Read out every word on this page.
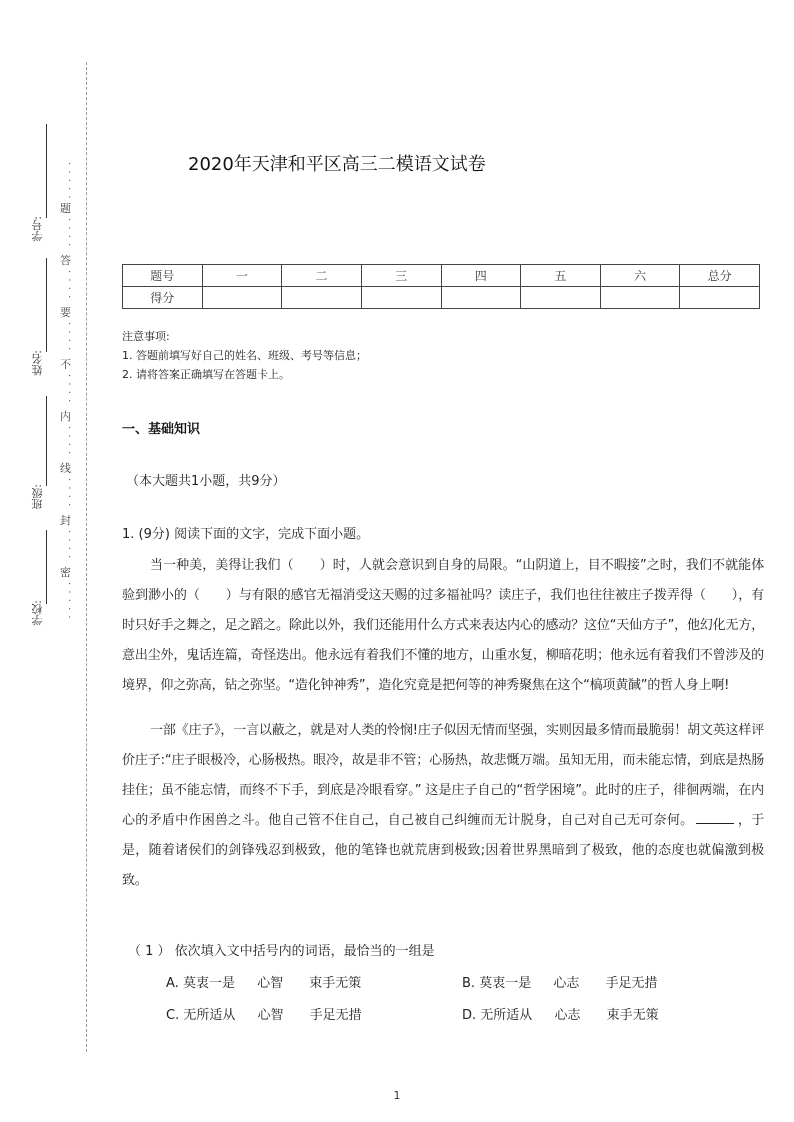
学号:
姓名:
班级:
学校:
· · · · ·
题
· · · ·
答
· · · ·
要
· · · ·
不
· · · ·
内
· · · ·
线
· · · ·
封
· · · ·
密
· · · · ·
2020年天津和平区高三二模语文试卷
题号	一	二	三	四	五	六	总分
得分							
注意事项:
1. 答题前填写好自己的姓名、班级、考号等信息；
2. 请将答案正确填写在答题卡上。
一、基础知识
（本大题共1小题，共9分）
1. (9分) 阅读下面的文字，完成下面小题。
当一种美，美得让我们（　　）时，人就会意识到自身的局限。“山阴道上，目不暇接”之时，我们不就能体验到渺小的（　　）与有限的感官无福消受这天赐的过多福祉吗？读庄子，我们也往往被庄子拨弄得（　　），有时只好手之舞之，足之蹈之。除此以外，我们还能用什么方式来表达内心的感动？这位“天仙方子”，他幻化无方，意出尘外，鬼话连篇，奇怪迭出。他永远有着我们不懂的地方，山重水复，柳暗花明；他永远有着我们不曾涉及的境界，仰之弥高，钻之弥坚。“造化钟神秀”，造化究竟是把何等的神秀聚焦在这个“槁项黄馘”的哲人身上啊!
一部《庄子》，一言以蔽之，就是对人类的怜悯!庄子似因无情而坚强，实则因最多情而最脆弱！胡文英这样评价庄子:“庄子眼极冷，心肠极热。眼冷，故是非不管；心肠热，故悲慨万端。虽知无用，而未能忘情，到底是热肠挂住；虽不能忘情，而终不下手，到底是冷眼看穿。” 这是庄子自己的“哲学困境”。此时的庄子，徘徊两端，在内心的矛盾中作困兽之斗。他自己管不住自己，自己被自己纠缠而无计脱身，自己对自己无可奈何。	，于是，随着诸侯们的剑锋残忍到极致，他的笔锋也就荒唐到极致;因着世界黑暗到了极致，他的态度也就偏激到极致。
（ 1 ） 依次填入文中括号内的词语，最恰当的一组是
A. 莫衷一是 心智 束手无策	B. 莫衷一是 心志 手足无措
C. 无所适从 心智 手足无措	D. 无所适从 心志 束手无策
1
